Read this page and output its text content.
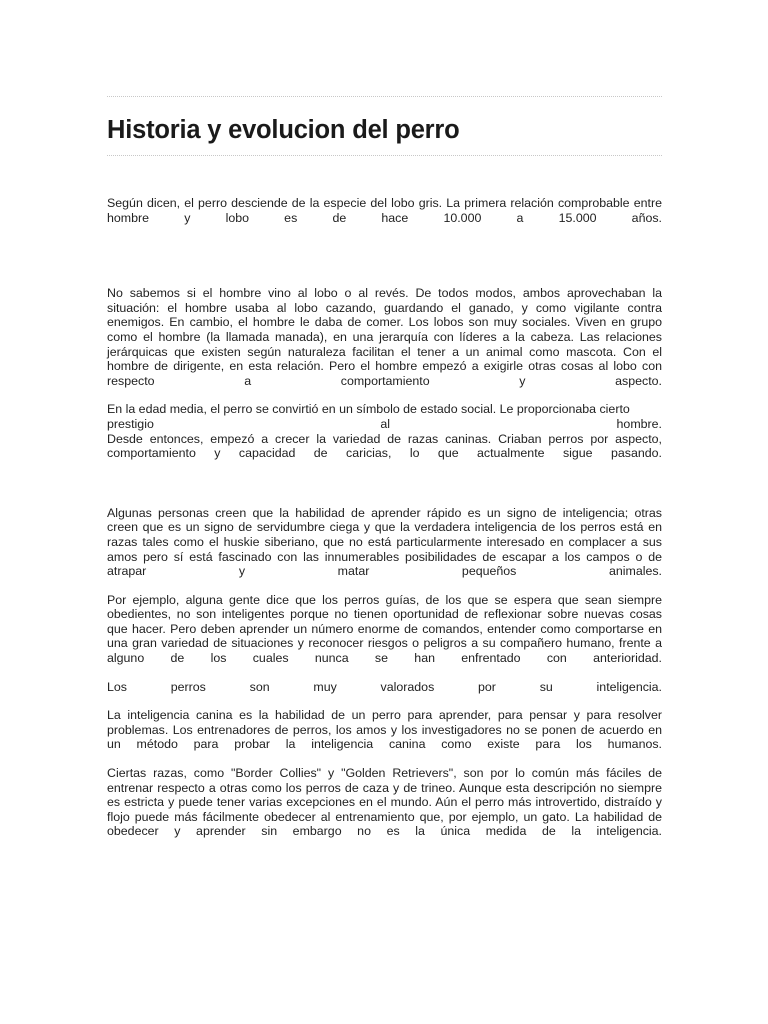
Historia y evolucion del perro
Según dicen, el perro desciende de la especie del lobo gris. La primera relación comprobable entre
hombre y lobo es de hace 10.000 a 15.000 años.
No sabemos si el hombre vino al lobo o al revés. De todos modos, ambos aprovechaban la
situación: el hombre usaba al lobo cazando, guardando el ganado, y como vigilante contra
enemigos. En cambio, el hombre le daba de comer. Los lobos son muy sociales. Viven en grupo
como el hombre (la llamada manada), en una jerarquía con líderes a la cabeza. Las relaciones
jerárquicas que existen según naturaleza facilitan el tener a un animal como mascota. Con el
hombre de dirigente, en esta relación. Pero el hombre empezó a exigirle otras cosas al lobo con
respecto a comportamiento y aspecto.
En la edad media, el perro se convirtió en un símbolo de estado social. Le proporcionaba cierto
prestigio al hombre.
Desde entonces, empezó a crecer la variedad de razas caninas. Criaban perros por aspecto,
comportamiento y capacidad de caricias, lo que actualmente sigue pasando.
Algunas personas creen que la habilidad de aprender rápido es un signo de inteligencia; otras
creen que es un signo de servidumbre ciega y que la verdadera inteligencia de los perros está en
razas tales como el huskie siberiano, que no está particularmente interesado en complacer a sus
amos pero sí está fascinado con las innumerables posibilidades de escapar a los campos o de
atrapar y matar pequeños animales.
Por ejemplo, alguna gente dice que los perros guías, de los que se espera que sean siempre
obedientes, no son inteligentes porque no tienen oportunidad de reflexionar sobre nuevas cosas
que hacer. Pero deben aprender un número enorme de comandos, entender como comportarse en
una gran variedad de situaciones y reconocer riesgos o peligros a su compañero humano, frente a
alguno de los cuales nunca se han enfrentado con anterioridad.
Los perros son muy valorados por su inteligencia.
La inteligencia canina es la habilidad de un perro para aprender, para pensar y para resolver
problemas. Los entrenadores de perros, los amos y los investigadores no se ponen de acuerdo en
un método para probar la inteligencia canina como existe para los humanos.
Ciertas razas, como "Border Collies" y "Golden Retrievers", son por lo común más fáciles de
entrenar respecto a otras como los perros de caza y de trineo. Aunque esta descripción no siempre
es estricta y puede tener varias excepciones en el mundo. Aún el perro más introvertido, distraído y
flojo puede más fácilmente obedecer al entrenamiento que, por ejemplo, un gato. La habilidad de
obedecer y aprender sin embargo no es la única medida de la inteligencia.
